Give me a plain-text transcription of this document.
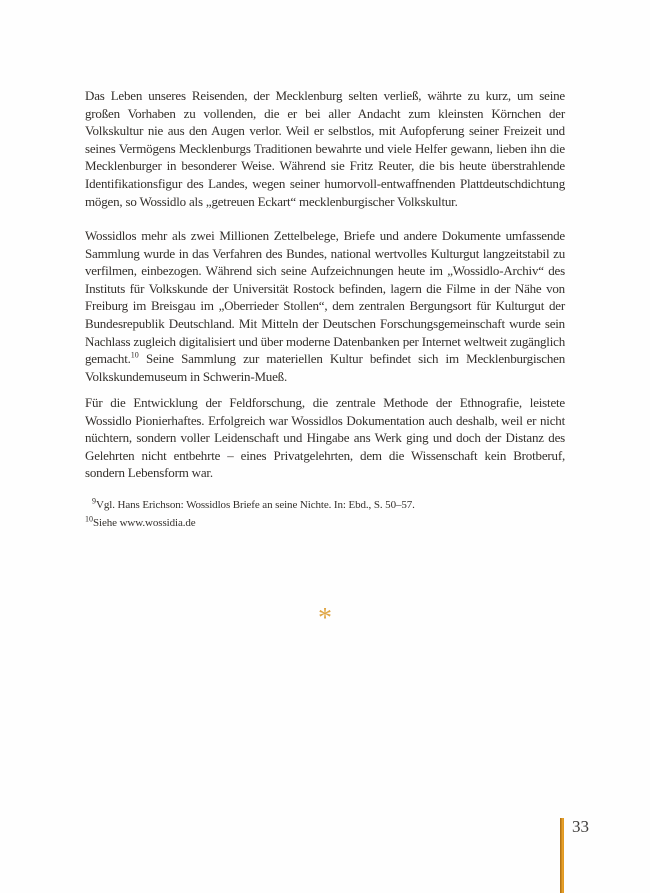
Das Leben unseres Reisenden, der Mecklenburg selten verließ, währte zu kurz, um seine großen Vorhaben zu vollenden, die er bei aller Andacht zum kleinsten Körnchen der Volkskultur nie aus den Augen verlor. Weil er selbstlos, mit Aufopferung seiner Freizeit und seines Vermögens Mecklenburgs Traditionen bewahrte und viele Helfer gewann, lieben ihn die Mecklenburger in besonderer Weise. Während sie Fritz Reuter, die bis heute überstrahlende Identifikationsfigur des Landes, wegen seiner humorvoll-entwaffnenden Plattdeutschdichtung mögen, so Wossidlo als „getreuen Eckart“ mecklenburgischer Volkskultur.

Wossidlos mehr als zwei Millionen Zettelbelege, Briefe und andere Dokumente umfassende Sammlung wurde in das Verfahren des Bundes, national wertvolles Kulturgut langzeitstabil zu verfilmen, einbezogen. Während sich seine Aufzeichnungen heute im „Wossidlo-Archiv“ des Instituts für Volkskunde der Universität Rostock befinden, lagern die Filme in der Nähe von Freiburg im Breisgau im „Oberrieder Stollen“, dem zentralen Bergungsort für Kulturgut der Bundesrepublik Deutschland. Mit Mitteln der Deutschen Forschungsgemeinschaft wurde sein Nachlass zugleich digitalisiert und über moderne Datenbanken per Internet weltweit zugänglich gemacht.$^{10}$ Seine Sammlung zur materiellen Kultur befindet sich im Mecklenburgischen Volkskundemuseum in Schwerin-Mueß.

Für die Entwicklung der Feldforschung, die zentrale Methode der Ethnografie, leistete Wossidlo Pionierhaftes. Erfolgreich war Wossidlos Dokumentation auch deshalb, weil er nicht nüchtern, sondern voller Leidenschaft und Hingabe ans Werk ging und doch der Distanz des Gelehrten nicht entbehrte – eines Privatgelehrten, dem die Wissenschaft kein Brotberuf, sondern Lebensform war.

$^9$Vgl. Hans Erichson: Wossidlos Briefe an seine Nichte. In: Ebd., S. 50–57.

$^{10}$Siehe www.wossidia.de

*
33
